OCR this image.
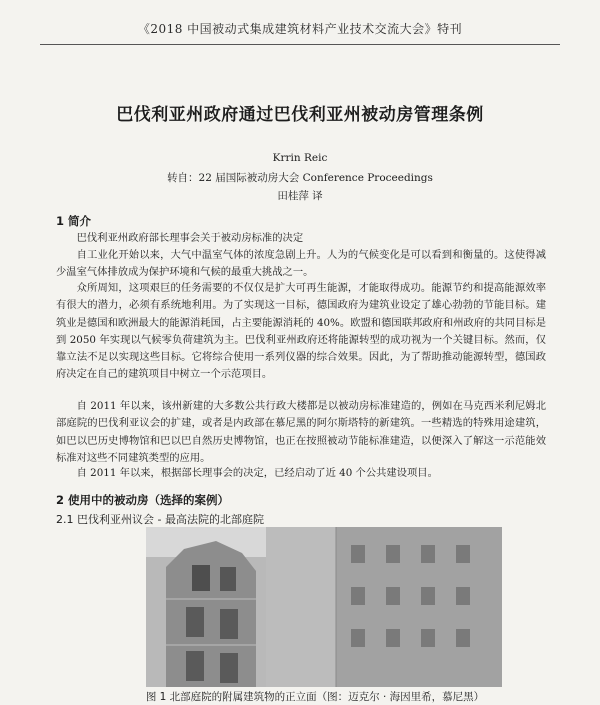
《2018 中国被动式集成建筑材料产业技术交流大会》特刊
巴伐利亚州政府通过巴伐利亚州被动房管理条例
Krrin Reic
转自：22 届国际被动房大会 Conference Proceedings
田桂萍 译
1 简介

巴伐利亚州政府部长理事会关于被动房标准的决定

自工业化开始以来，大气中温室气体的浓度急剧上升。人为的气候变化是可以看到和衡量的。这使得减少温室气体排放成为保护环境和气候的最重大挑战之一。

众所周知，这项艰巨的任务需要的不仅仅是扩大可再生能源，才能取得成功。能源节约和提高能源效率有很大的潜力，必须有系统地利用。为了实现这一目标，德国政府为建筑业设定了雄心勃勃的节能目标。建筑业是德国和欧洲最大的能源消耗国，占主要能源消耗的 40%。欧盟和德国联邦政府和州政府的共同目标是到 2050 年实现以气候零负荷建筑为主。巴伐利亚州政府还将能源转型的成功视为一个关键目标。然而，仅靠立法不足以实现这些目标。它将综合使用一系列仪器的综合效果。因此，为了帮助推动能源转型，德国政府决定在自己的建筑项目中树立一个示范项目。

自 2011 年以来，该州新建的大多数公共行政大楼都是以被动房标准建造的，例如在马克西米利尼姆北部庭院的巴伐利亚议会的扩建，或者是内政部在慕尼黑的阿尔斯塔特的新建筑。一些精选的特殊用途建筑，如巴以巴历史博物馆和巴以巴自然历史博物馆，也正在按照被动节能标准建造，以便深入了解这一示范能效标准对这些不同建筑类型的应用。

自 2011 年以来，根据部长理事会的决定，已经启动了近 40 个公共建设项目。

2 使用中的被动房（选择的案例）
2.1 巴伐利亚州议会 - 最高法院的北部庭院
图 1 北部庭院的附属建筑物的正立面（图：迈克尔 · 海因里希，慕尼黑）
